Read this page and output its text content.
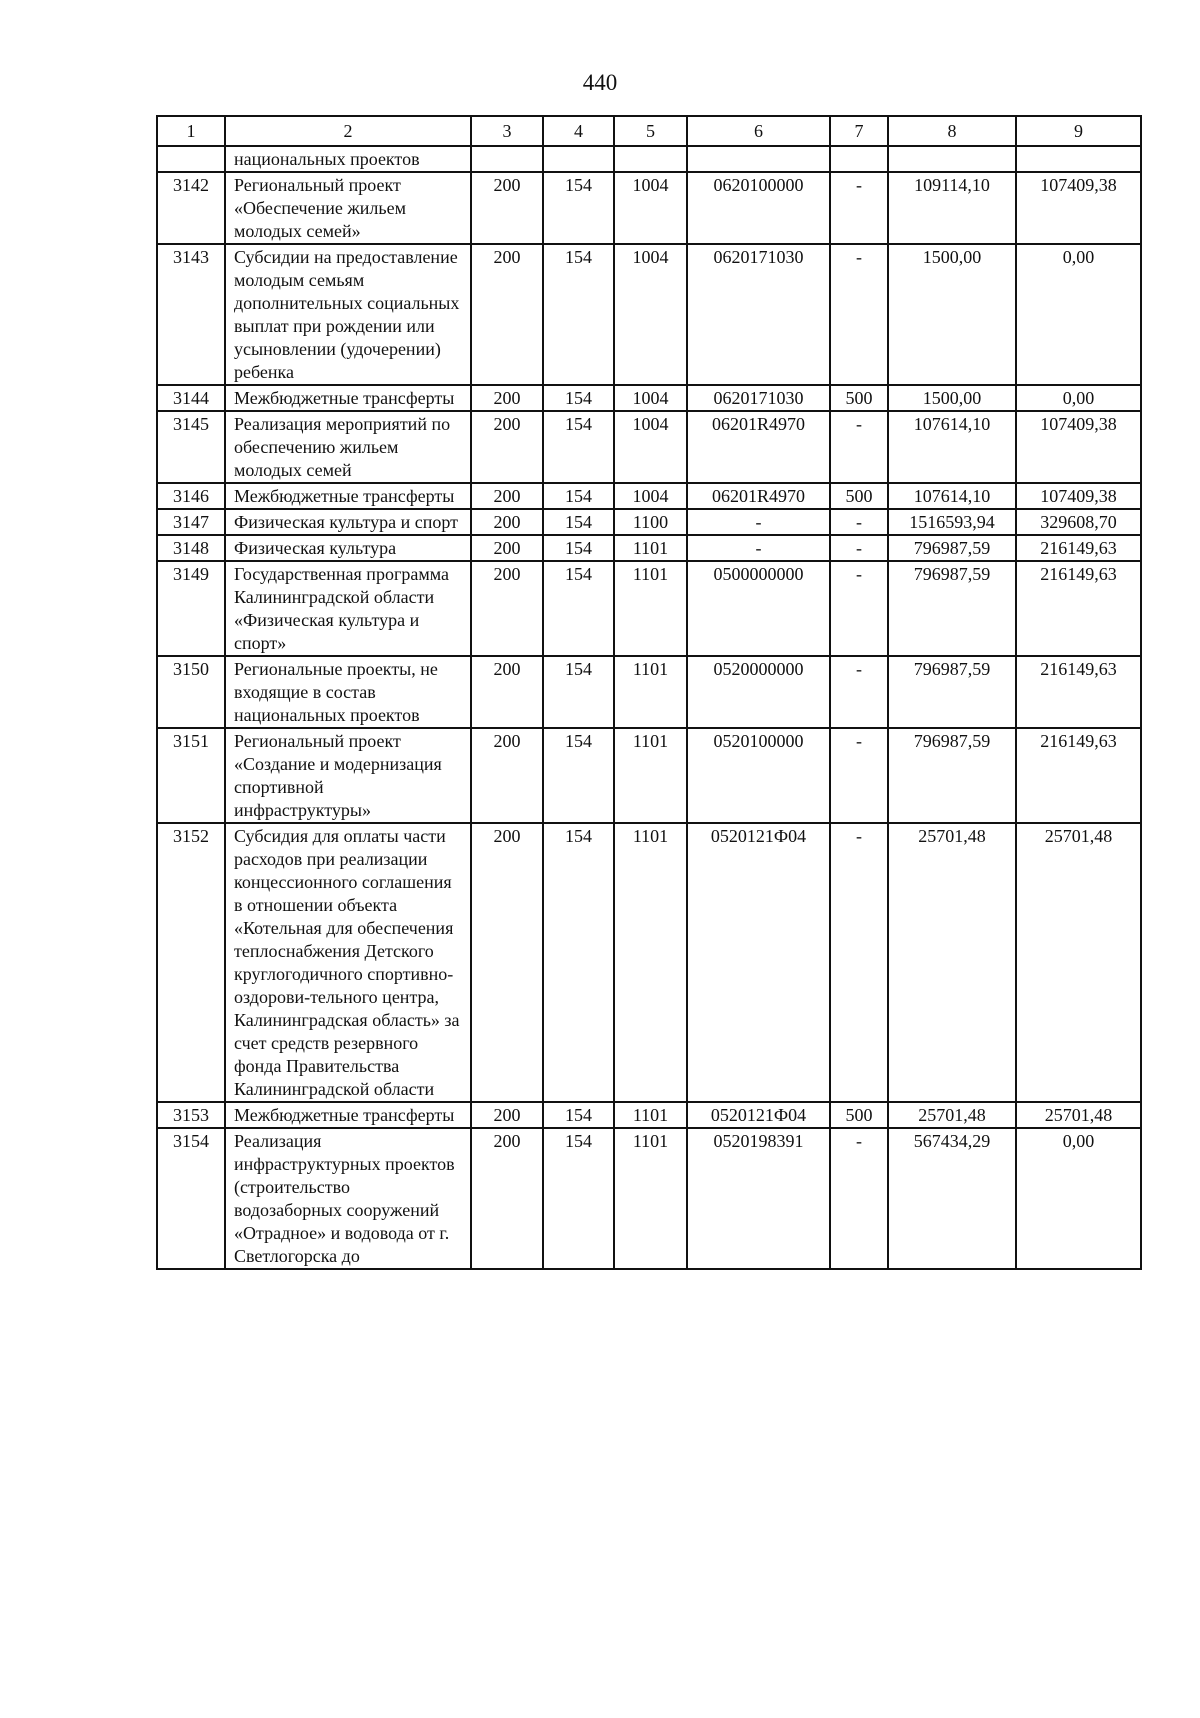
440
1	2	3	4	5	6	7	8	9
	национальных проектов							
3142	Региональный проект «Обеспечение жильем молодых семей»	200	154	1004	0620100000	-	109114,10	107409,38
3143	Субсидии на предоставление молодым семьям дополнительных социальных выплат при рождении или усыновлении (удочерении) ребенка	200	154	1004	0620171030	-	1500,00	0,00
3144	Межбюджетные трансферты	200	154	1004	0620171030	500	1500,00	0,00
3145	Реализация мероприятий по обеспечению жильем молодых семей	200	154	1004	06201R4970	-	107614,10	107409,38
3146	Межбюджетные трансферты	200	154	1004	06201R4970	500	107614,10	107409,38
3147	Физическая культура и спорт	200	154	1100	-	-	1516593,94	329608,70
3148	Физическая культура	200	154	1101	-	-	796987,59	216149,63
3149	Государственная программа Калининградской области «Физическая культура и спорт»	200	154	1101	0500000000	-	796987,59	216149,63
3150	Региональные проекты, не входящие в состав национальных проектов	200	154	1101	0520000000	-	796987,59	216149,63
3151	Региональный проект «Создание и модернизация спортивной инфраструктуры»	200	154	1101	0520100000	-	796987,59	216149,63
3152	Субсидия для оплаты части расходов при реализации концессионного соглашения в отношении объекта «Котельная для обеспечения теплоснабжения Детского круглогодичного спортивно-оздорови-тельного центра, Калининградская область» за счет средств резервного фонда Правительства Калининградской области	200	154	1101	0520121Ф04	-	25701,48	25701,48
3153	Межбюджетные трансферты	200	154	1101	0520121Ф04	500	25701,48	25701,48
3154	Реализация инфраструктурных проектов (строительство водозаборных сооружений «Отрадное» и водовода от г. Светлогорска до	200	154	1101	0520198391	-	567434,29	0,00
